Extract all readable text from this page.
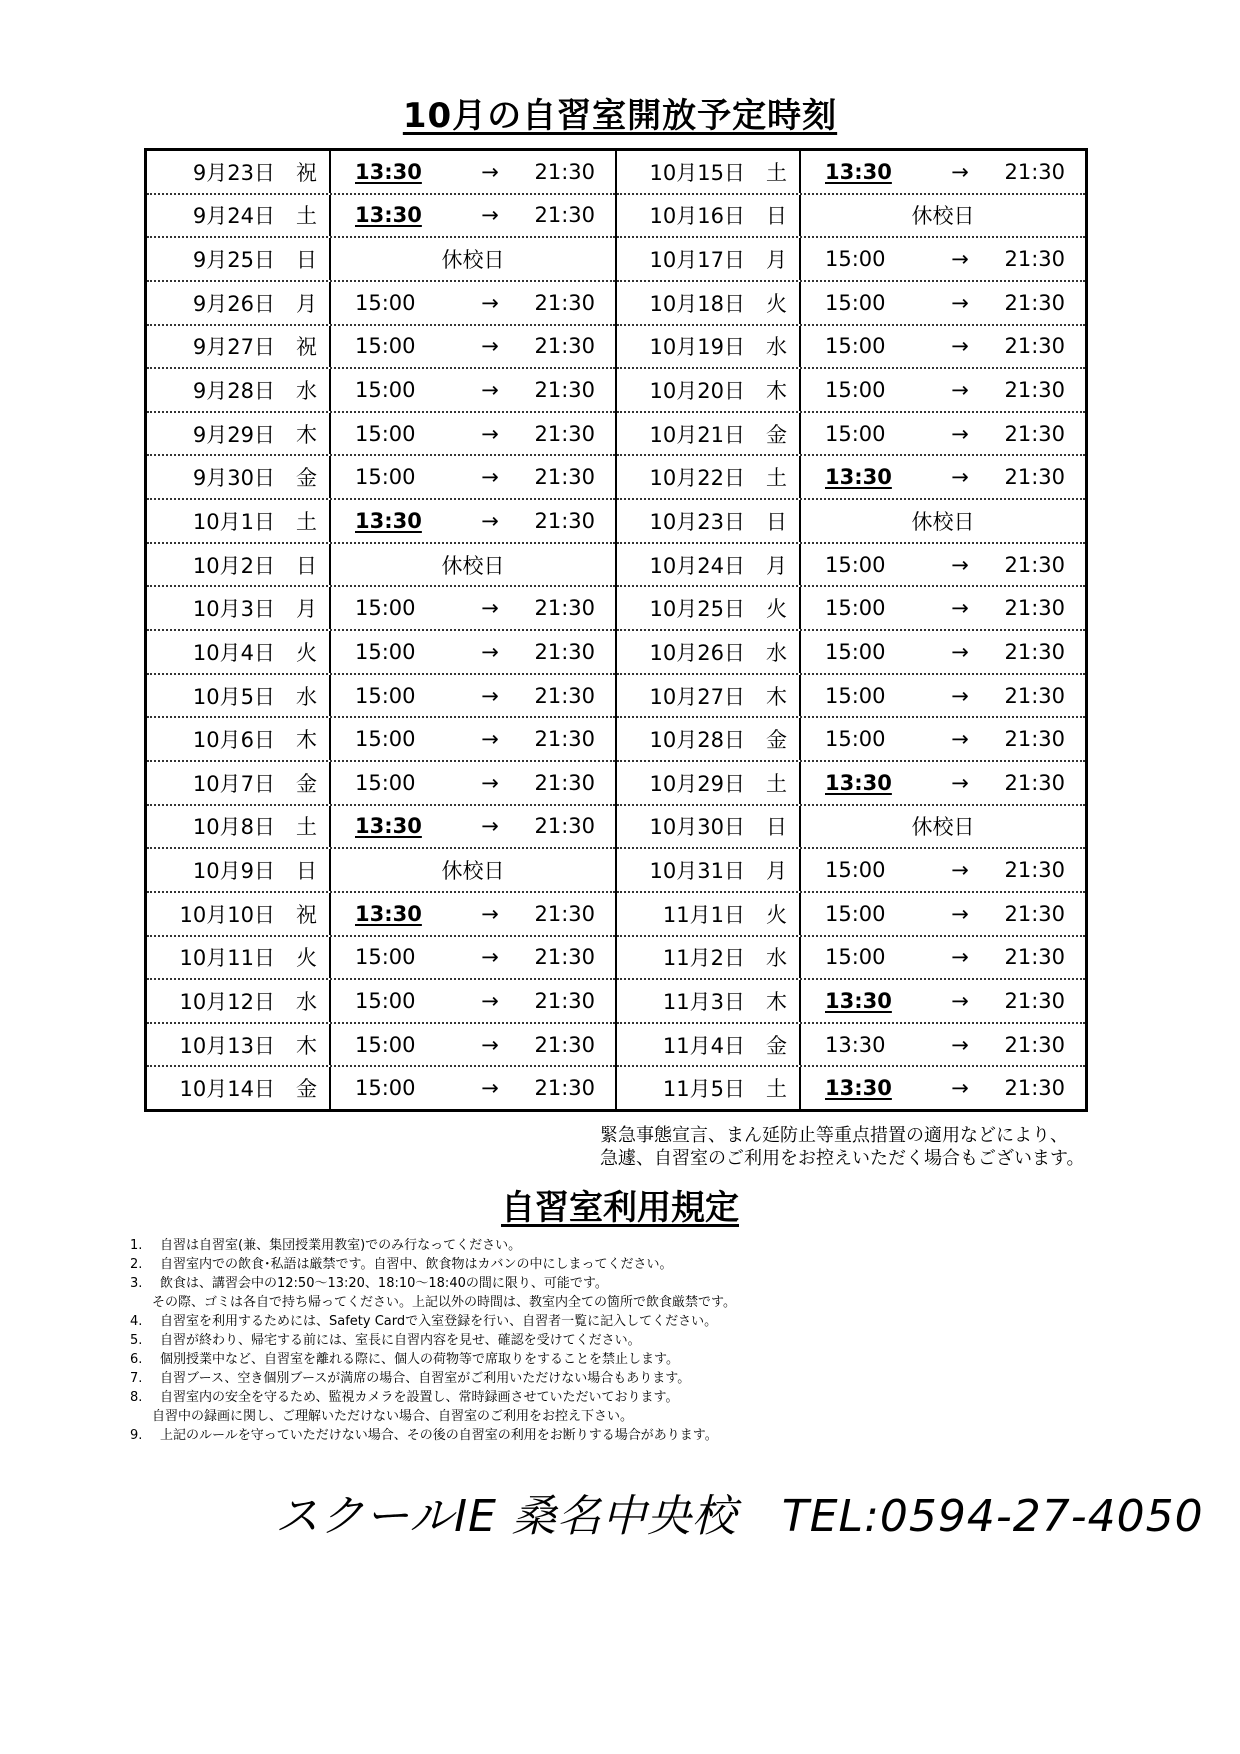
10月の自習室開放予定時刻
9月23日　祝	13:30	→	21:30
9月24日　土	13:30	→	21:30
9月25日　日	休校日
9月26日　月	15:00	→	21:30
9月27日　祝	15:00	→	21:30
9月28日　水	15:00	→	21:30
9月29日　木	15:00	→	21:30
9月30日　金	15:00	→	21:30
10月1日　土	13:30	→	21:30
10月2日　日	休校日
10月3日　月	15:00	→	21:30
10月4日　火	15:00	→	21:30
10月5日　水	15:00	→	21:30
10月6日　木	15:00	→	21:30
10月7日　金	15:00	→	21:30
10月8日　土	13:30	→	21:30
10月9日　日	休校日
10月10日　祝	13:30	→	21:30
10月11日　火	15:00	→	21:30
10月12日　水	15:00	→	21:30
10月13日　木	15:00	→	21:30
10月14日　金	15:00	→	21:30
10月15日　土	13:30	→	21:30
10月16日　日	休校日
10月17日　月	15:00	→	21:30
10月18日　火	15:00	→	21:30
10月19日　水	15:00	→	21:30
10月20日　木	15:00	→	21:30
10月21日　金	15:00	→	21:30
10月22日　土	13:30	→	21:30
10月23日　日	休校日
10月24日　月	15:00	→	21:30
10月25日　火	15:00	→	21:30
10月26日　水	15:00	→	21:30
10月27日　木	15:00	→	21:30
10月28日　金	15:00	→	21:30
10月29日　土	13:30	→	21:30
10月30日　日	休校日
10月31日　月	15:00	→	21:30
11月1日　火	15:00	→	21:30
11月2日　水	15:00	→	21:30
11月3日　木	13:30	→	21:30
11月4日　金	13:30	→	21:30
11月5日　土	13:30	→	21:30
緊急事態宣言、まん延防止等重点措置の適用などにより、
急遽、自習室のご利用をお控えいただく場合もございます。
自習室利用規定
1.	自習は自習室(兼、集団授業用教室)でのみ行なってください。
2.	自習室内での飲食･私語は厳禁です。自習中、飲食物はカバンの中にしまってください。
3.	飲食は、講習会中の12:50～13:20、18:10～18:40の間に限り、可能です。
その際、ゴミは各自で持ち帰ってください。上記以外の時間は、教室内全ての箇所で飲食厳禁です。
4.	自習室を利用するためには、Safety Cardで入室登録を行い、自習者一覧に記入してください。
5.	自習が終わり、帰宅する前には、室長に自習内容を見せ、確認を受けてください。
6.	個別授業中など、自習室を離れる際に、個人の荷物等で席取りをすることを禁止します。
7.	自習ブース、空き個別ブースが満席の場合、自習室がご利用いただけない場合もあります。
8.	自習室内の安全を守るため、監視カメラを設置し、常時録画させていただいております。
自習中の録画に関し、ご理解いただけない場合、自習室のご利用をお控え下さい。
9.	上記のルールを守っていただけない場合、その後の自習室の利用をお断りする場合があります。
スクールIE 桑名中央校　TEL:0594-27-4050
